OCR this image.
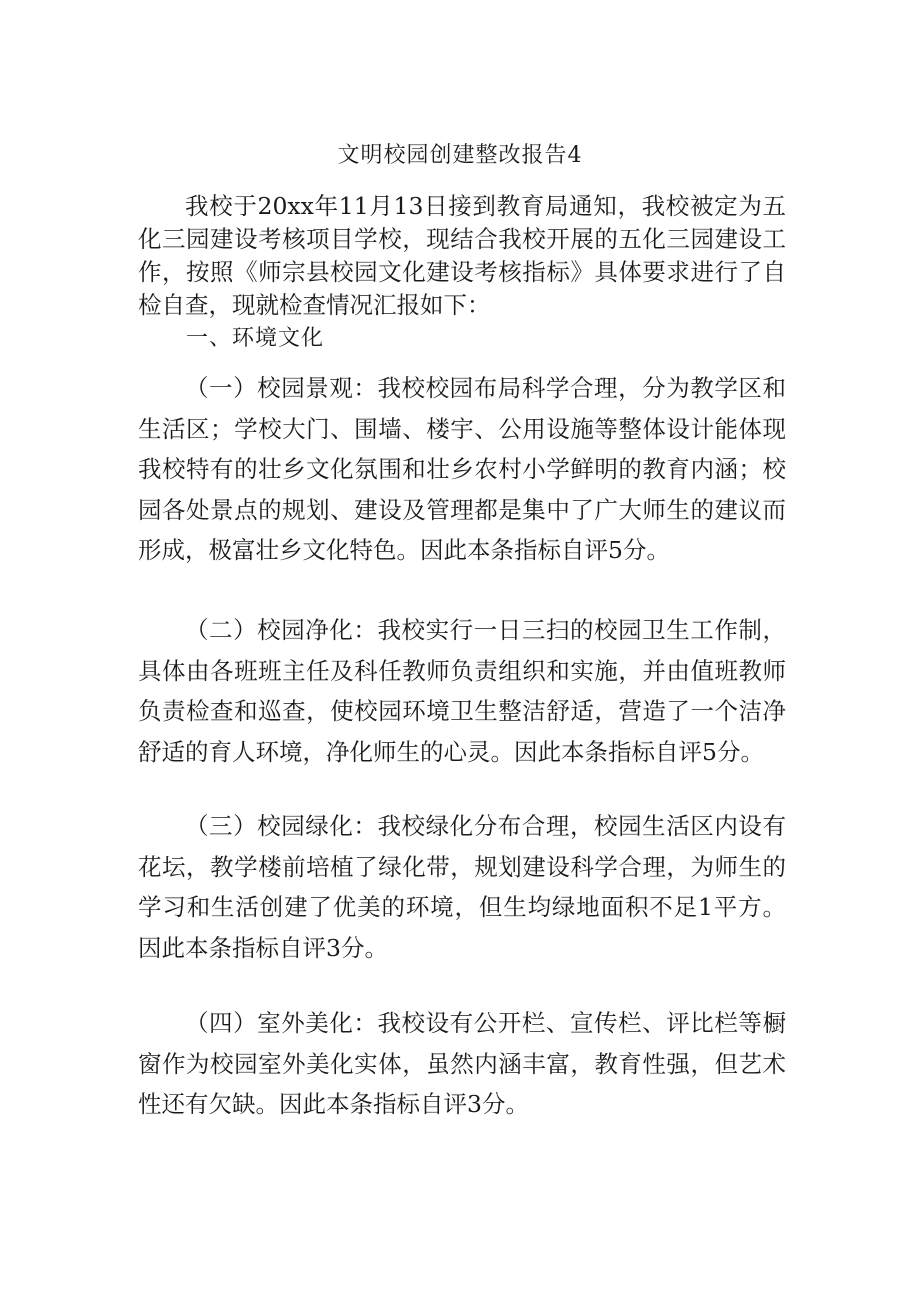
文明校园创建整改报告4

我校于20xx年11月13日接到教育局通知，我校被定为五化三园建设考核项目学校，现结合我校开展的五化三园建设工作，按照《师宗县校园文化建设考核指标》具体要求进行了自检自查，现就检查情况汇报如下：

一、环境文化

（一）校园景观：我校校园布局科学合理，分为教学区和生活区；学校大门、围墙、楼宇、公用设施等整体设计能体现我校特有的壮乡文化氛围和壮乡农村小学鲜明的教育内涵；校园各处景点的规划、建设及管理都是集中了广大师生的建议而形成，极富壮乡文化特色。因此本条指标自评5分。

（二）校园净化：我校实行一日三扫的校园卫生工作制，具体由各班班主任及科任教师负责组织和实施，并由值班教师负责检查和巡查，使校园环境卫生整洁舒适，营造了一个洁净舒适的育人环境，净化师生的心灵。因此本条指标自评5分。

（三）校园绿化：我校绿化分布合理，校园生活区内设有花坛，教学楼前培植了绿化带，规划建设科学合理，为师生的学习和生活创建了优美的环境，但生均绿地面积不足1平方。因此本条指标自评3分。

（四）室外美化：我校设有公开栏、宣传栏、评比栏等橱窗作为校园室外美化实体，虽然内涵丰富，教育性强，但艺术性还有欠缺。因此本条指标自评3分。
